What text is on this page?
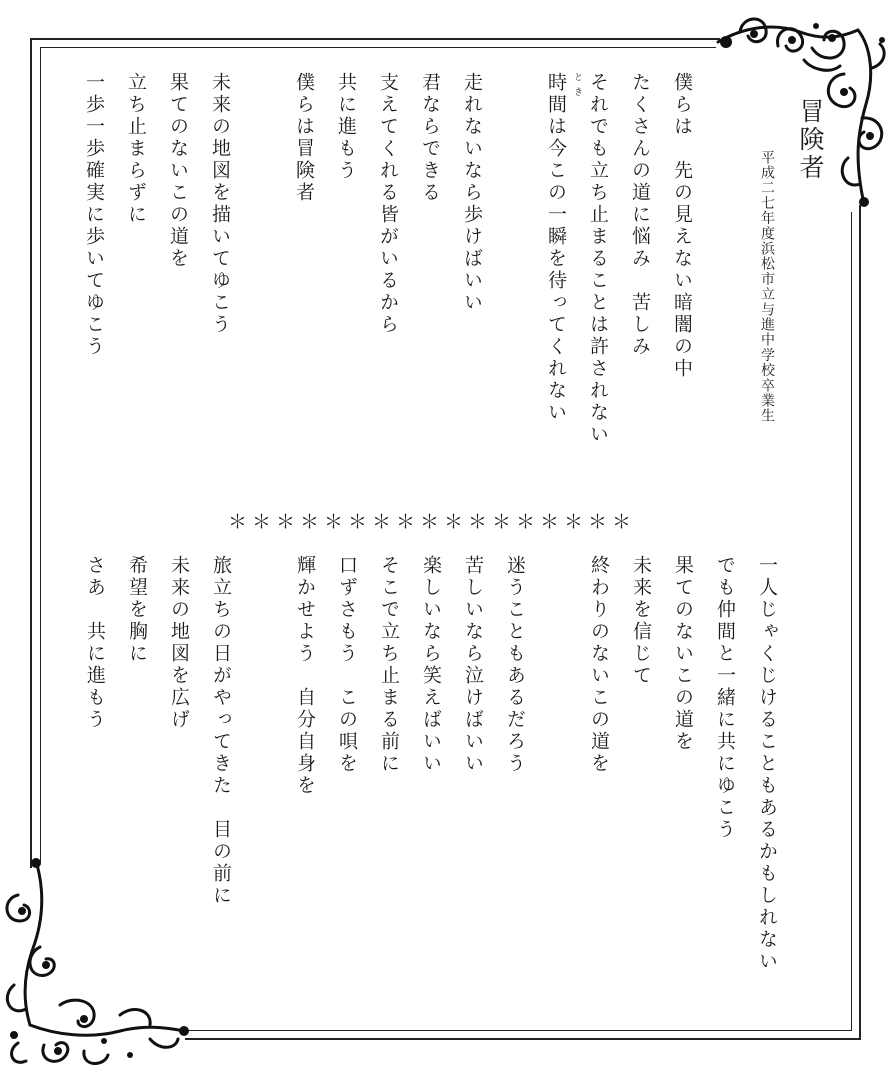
冒険者
平成二七年度浜松市立与進中学校卒業生
とき	僕らは　先の見えない暗闇の中
たくさんの道に悩み　苦しみ
それでも立ち止まることは許されない
時間は今この一瞬を待ってくれない
走れないなら歩けばいい
君ならできる
支えてくれる皆がいるから
共に進もう
僕らは冒険者
未来の地図を描いてゆこう
果てのないこの道を
立ち止まらずに
一歩一歩確実に歩いてゆこう
＊＊＊＊＊＊＊＊＊＊＊＊＊＊＊＊＊
一人じゃくじけることもあるかもしれない
でも仲間と一緒に共にゆこう
果てのないこの道を
未来を信じて
終わりのないこの道を
迷うこともあるだろう
苦しいなら泣けばいい
楽しいなら笑えばいい
そこで立ち止まる前に
口ずさもう　この唄を
輝かせよう　自分自身を
旅立ちの日がやってきた　目の前に
未来の地図を広げ
希望を胸に
さあ　共に進もう
